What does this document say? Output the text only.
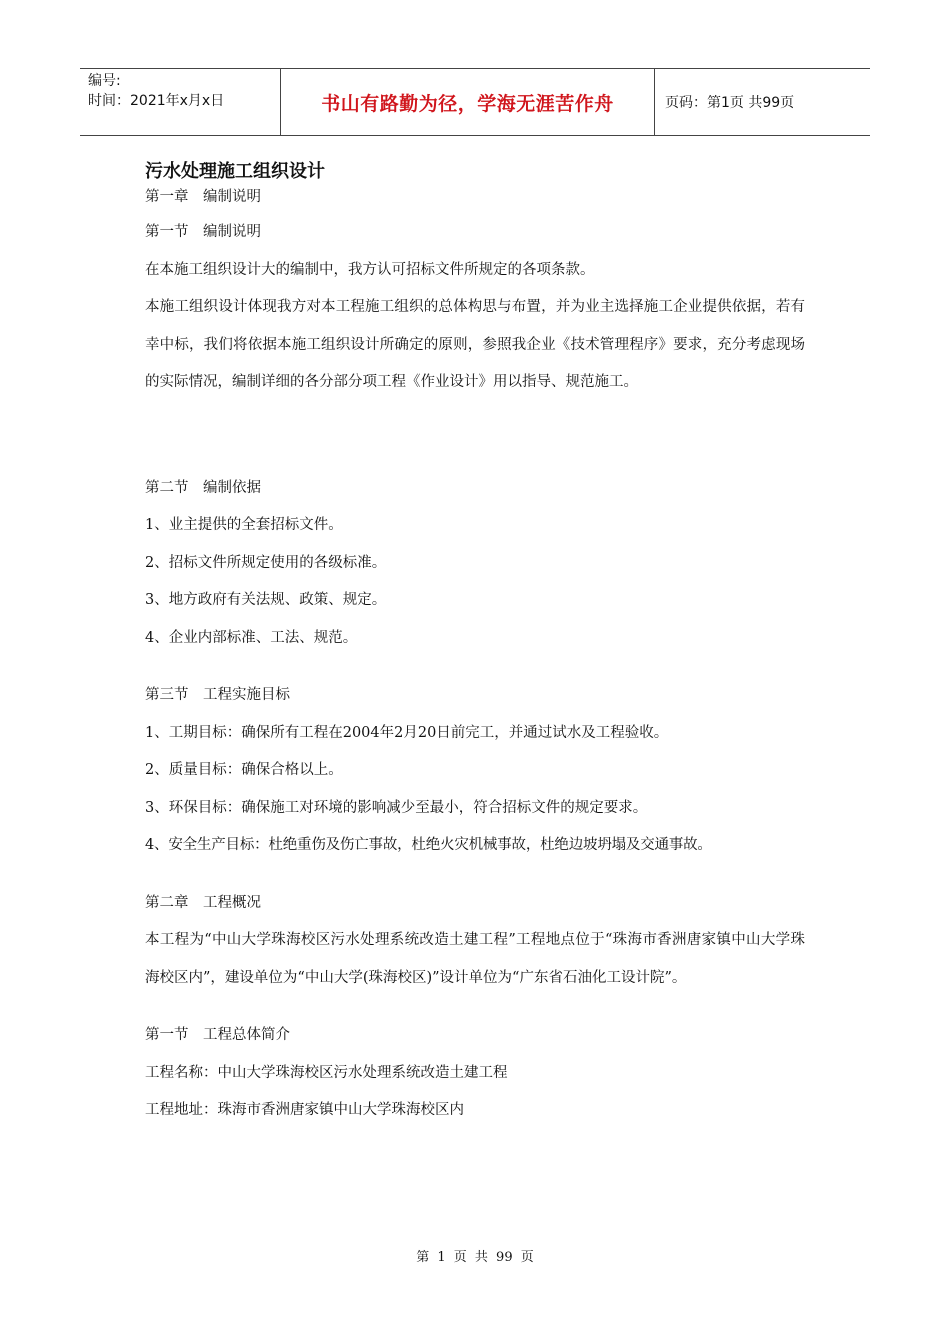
编号:
时间：2021年x月x日	书山有路勤为径，学海无涯苦作舟	页码：第1页 共99页
污水处理施工组织设计

第一章　编制说明

第一节　编制说明

在本施工组织设计大的编制中，我方认可招标文件所规定的各项条款。

本施工组织设计体现我方对本工程施工组织的总体构思与布置，并为业主选择施工企业提供依据，若有幸中标，我们将依据本施工组织设计所确定的原则，参照我企业《技术管理程序》要求，充分考虑现场的实际情况，编制详细的各分部分项工程《作业设计》用以指导、规范施工。

第二节　编制依据

1、业主提供的全套招标文件。

2、招标文件所规定使用的各级标准。

3、地方政府有关法规、政策、规定。

4、企业内部标准、工法、规范。

第三节　工程实施目标

1、工期目标：确保所有工程在2004年2月20日前完工，并通过试水及工程验收。

2、质量目标：确保合格以上。

3、环保目标：确保施工对环境的影响减少至最小，符合招标文件的规定要求。

4、安全生产目标：杜绝重伤及伤亡事故，杜绝火灾机械事故，杜绝边坡坍塌及交通事故。

第二章　工程概况

本工程为“中山大学珠海校区污水处理系统改造土建工程”工程地点位于“珠海市香洲唐家镇中山大学珠海校区内”，建设单位为“中山大学(珠海校区)”设计单位为“广东省石油化工设计院”。

第一节　工程总体简介

工程名称：中山大学珠海校区污水处理系统改造土建工程

工程地址：珠海市香洲唐家镇中山大学珠海校区内

第 1 页 共 99 页
